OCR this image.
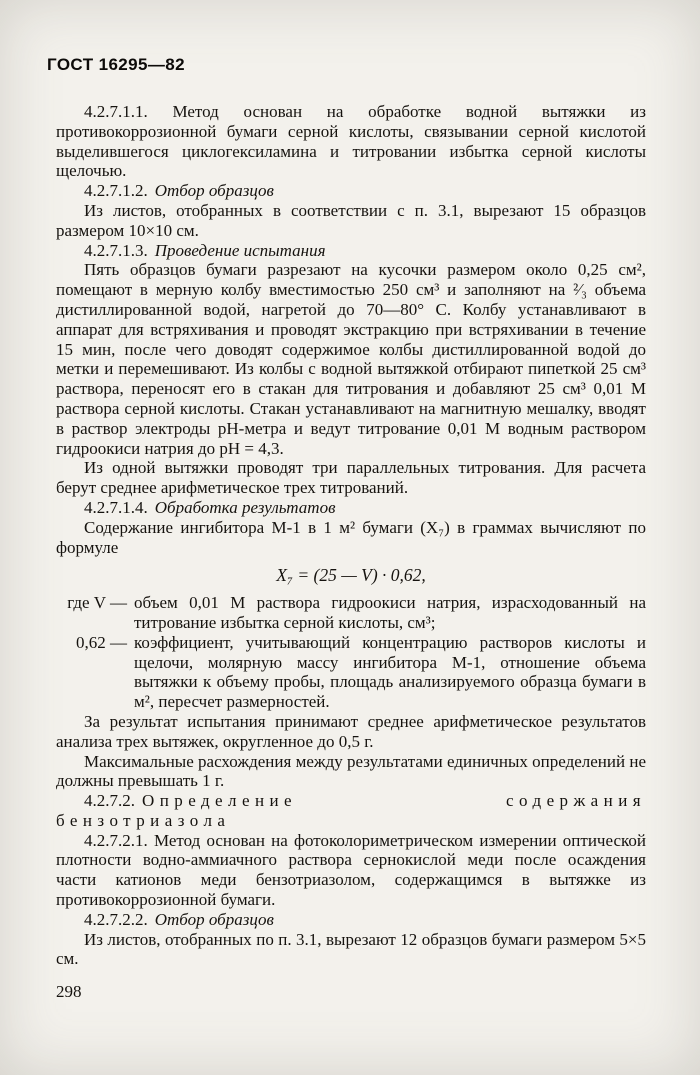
ГОСТ 16295—82

4.2.7.1.1. Метод основан на обработке водной вытяжки из противокоррозионной бумаги серной кислоты, связывании серной кислотой выделившегося циклогексиламина и титровании избытка серной кислоты щелочью.

4.2.7.1.2. Отбор образцов

Из листов, отобранных в соответствии с п. 3.1, вырезают 15 образцов размером 10×10 см.

4.2.7.1.3. Проведение испытания

Пять образцов бумаги разрезают на кусочки размером около 0,25 см², помещают в мерную колбу вместимостью 250 см³ и заполняют на ²⁄₃ объема дистиллированной водой, нагретой до 70—80° С. Колбу устанавливают в аппарат для встряхивания и проводят экстракцию при встряхивании в течение 15 мин, после чего доводят содержимое колбы дистиллированной водой до метки и перемешивают. Из колбы с водной вытяжкой отбирают пипеткой 25 см³ раствора, переносят его в стакан для титрования и добавляют 25 см³ 0,01 М раствора серной кислоты. Стакан устанавливают на магнитную мешалку, вводят в раствор электроды pH-метра и ведут титрование 0,01 М водным раствором гидроокиси натрия до pH = 4,3.

Из одной вытяжки проводят три параллельных титрования. Для расчета берут среднее арифметическое трех титрований.

4.2.7.1.4. Обработка результатов

Содержание ингибитора М-1 в 1 м² бумаги (X₇) в граммах вычисляют по формуле

X₇ = (25 — V) · 0,62,

где V — объем 0,01 М раствора гидроокиси натрия, израсходованный на титрование избытка серной кислоты, см³;
0,62 — коэффициент, учитывающий концентрацию растворов кислоты и щелочи, молярную массу ингибитора М-1, отношение объема вытяжки к объему пробы, площадь анализируемого образца бумаги в м², пересчет размерностей.

За результат испытания принимают среднее арифметическое результатов анализа трех вытяжек, округленное до 0,5 г.

Максимальные расхождения между результатами единичных определений не должны превышать 1 г.

4.2.7.2. Определение содержания бензотриазола

4.2.7.2.1. Метод основан на фотоколориметрическом измерении оптической плотности водно-аммиачного раствора сернокислой меди после осаждения части катионов меди бензотриазолом, содержащимся в вытяжке из противокоррозионной бумаги.

4.2.7.2.2. Отбор образцов

Из листов, отобранных по п. 3.1, вырезают 12 образцов бумаги размером 5×5 см.

298
